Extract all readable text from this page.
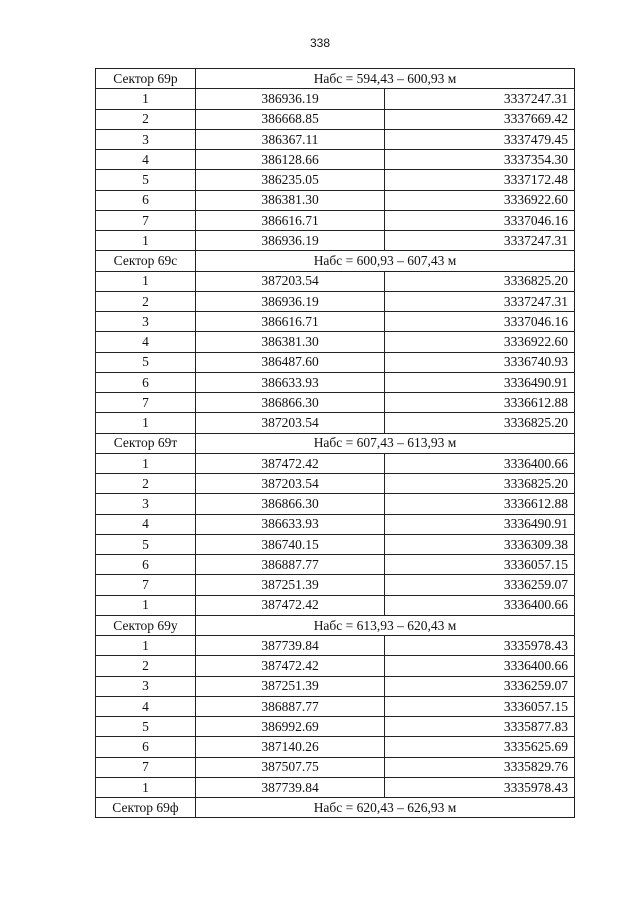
338
Сектор 69р	Набс = 594,43 – 600,93 м	
1	386936.19	3337247.31
2	386668.85	3337669.42
3	386367.11	3337479.45
4	386128.66	3337354.30
5	386235.05	3337172.48
6	386381.30	3336922.60
7	386616.71	3337046.16
1	386936.19	3337247.31
Сектор 69с	Набс = 600,93 – 607,43 м	
1	387203.54	3336825.20
2	386936.19	3337247.31
3	386616.71	3337046.16
4	386381.30	3336922.60
5	386487.60	3336740.93
6	386633.93	3336490.91
7	386866.30	3336612.88
1	387203.54	3336825.20
Сектор 69т	Набс = 607,43 – 613,93 м	
1	387472.42	3336400.66
2	387203.54	3336825.20
3	386866.30	3336612.88
4	386633.93	3336490.91
5	386740.15	3336309.38
6	386887.77	3336057.15
7	387251.39	3336259.07
1	387472.42	3336400.66
Сектор 69у	Набс = 613,93 – 620,43 м	
1	387739.84	3335978.43
2	387472.42	3336400.66
3	387251.39	3336259.07
4	386887.77	3336057.15
5	386992.69	3335877.83
6	387140.26	3335625.69
7	387507.75	3335829.76
1	387739.84	3335978.43
Сектор 69ф	Набс = 620,43 – 626,93 м	
